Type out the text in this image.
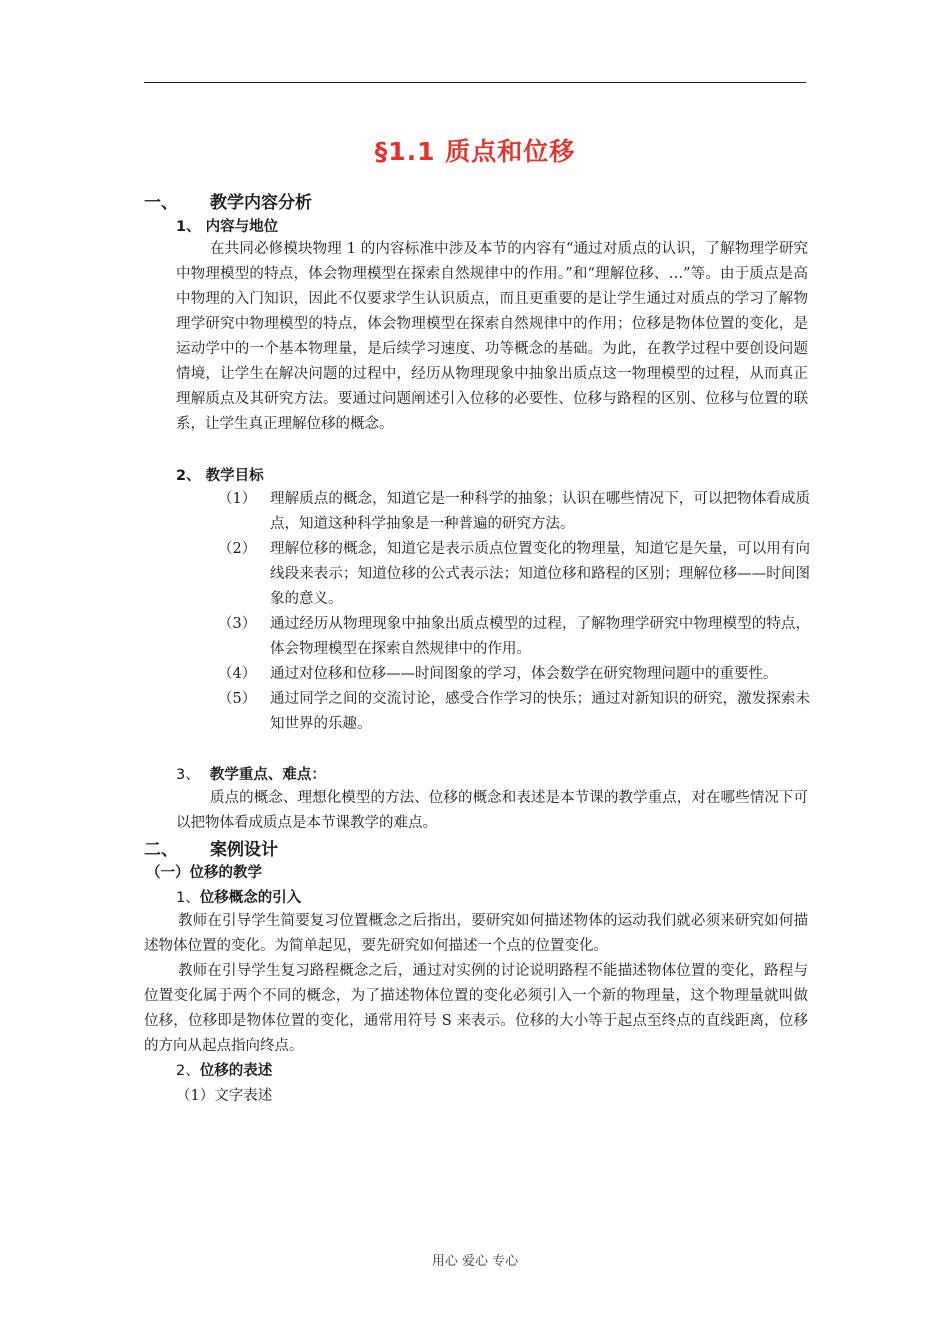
§1.1 质点和位移
一、 教学内容分析
1、 内容与地位

在共同必修模块物理 1 的内容标准中涉及本节的内容有“通过对质点的认识，了解物理学研究中物理模型的特点，体会物理模型在探索自然规律中的作用。”和“理解位移、…”等。由于质点是高中物理的入门知识，因此不仅要求学生认识质点，而且更重要的是让学生通过对质点的学习了解物理学研究中物理模型的特点，体会物理模型在探索自然规律中的作用；位移是物体位置的变化，是运动学中的一个基本物理量，是后续学习速度、功等概念的基础。为此，在教学过程中要创设问题情境，让学生在解决问题的过程中，经历从物理现象中抽象出质点这一物理模型的过程，从而真正理解质点及其研究方法。要通过问题阐述引入位移的必要性、位移与路程的区别、位移与位置的联系，让学生真正理解位移的概念。

2、 教学目标
（1） 理解质点的概念，知道它是一种科学的抽象；认识在哪些情况下，可以把物体看成质点，知道这种科学抽象是一种普遍的研究方法。
（2） 理解位移的概念，知道它是表示质点位置变化的物理量，知道它是矢量，可以用有向线段来表示；知道位移的公式表示法；知道位移和路程的区别；理解位移——时间图象的意义。
（3） 通过经历从物理现象中抽象出质点模型的过程，了解物理学研究中物理模型的特点，体会物理模型在探索自然规律中的作用。
（4） 通过对位移和位移——时间图象的学习，体会数学在研究物理问题中的重要性。
（5） 通过同学之间的交流讨论，感受合作学习的快乐；通过对新知识的研究，激发探索未知世界的乐趣。
3、 教学重点、难点：

质点的概念、理想化模型的方法、位移的概念和表述是本节课的教学重点，对在哪些情况下可以把物体看成质点是本节课教学的难点。

二、 案例设计
（一）位移的教学
1、位移概念的引入

教师在引导学生简要复习位置概念之后指出，要研究如何描述物体的运动我们就必须来研究如何描述物体位置的变化。为简单起见，要先研究如何描述一个点的位置变化。

教师在引导学生复习路程概念之后，通过对实例的讨论说明路程不能描述物体位置的变化，路程与位置变化属于两个不同的概念，为了描述物体位置的变化必须引入一个新的物理量，这个物理量就叫做位移，位移即是物体位置的变化，通常用符号 S 来表示。位移的大小等于起点至终点的直线距离，位移的方向从起点指向终点。

2、位移的表述
（1）文字表述
用心 爱心 专心
